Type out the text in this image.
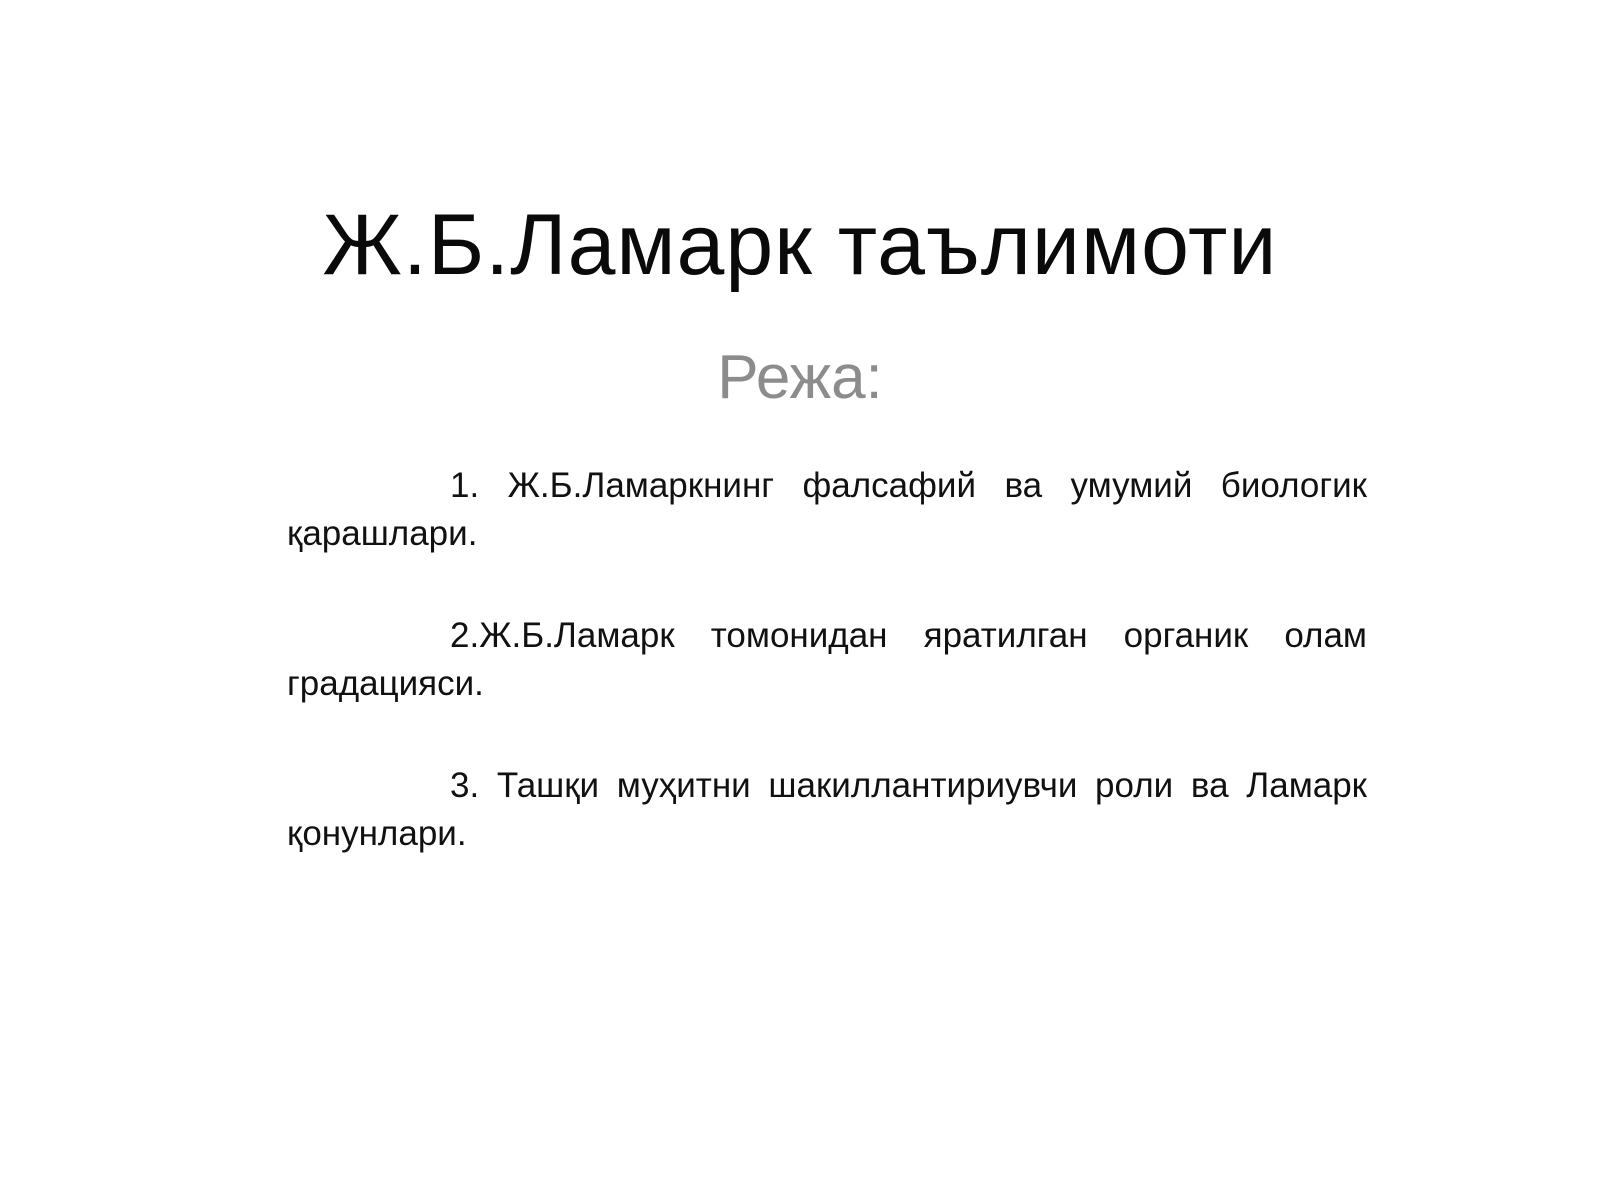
Ж.Б.Ламарк таълимоти
Режа:
1. Ж.Б.Ламаркнинг фалсафий ва умумий биологик қарашлари.
2.Ж.Б.Ламарк томонидан яратилган органик олам градацияси.
3. Ташқи муҳитни шакиллантириувчи роли ва Ламарк қонунлари.
